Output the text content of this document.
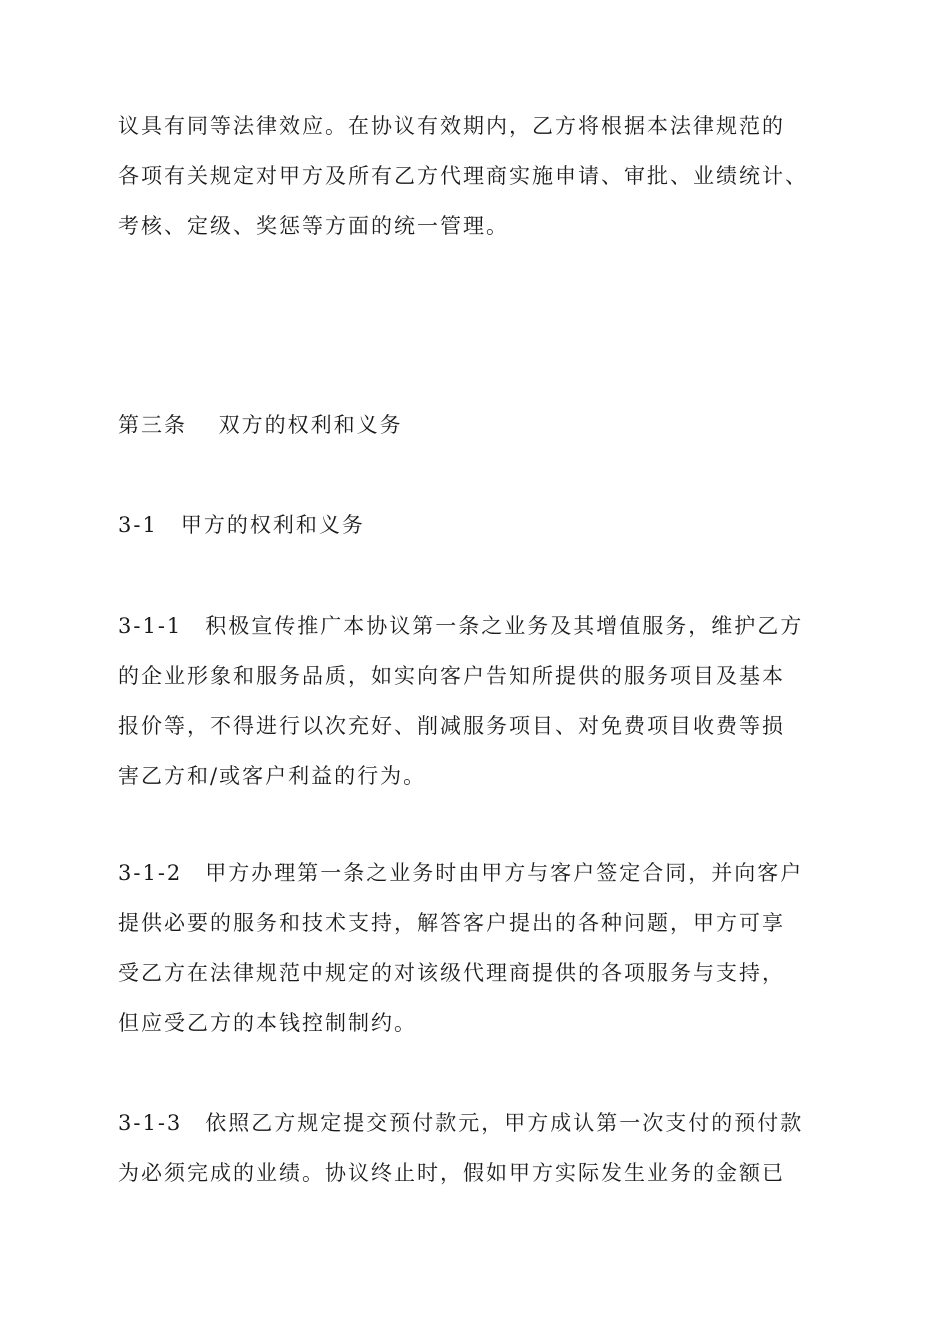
议具有同等法律效应。在协议有效期内，乙方将根据本法律规范的
各项有关规定对甲方及所有乙方代理商实施申请、审批、业绩统计、
考核、定级、奖惩等方面的统一管理。
第三条　 双方的权利和义务
3-1　甲方的权利和义务
3-1-1　积极宣传推广本协议第一条之业务及其增值服务，维护乙方
的企业形象和服务品质，如实向客户告知所提供的服务项目及基本
报价等，不得进行以次充好、削减服务项目、对免费项目收费等损
害乙方和/或客户利益的行为。
3-1-2　甲方办理第一条之业务时由甲方与客户签定合同，并向客户
提供必要的服务和技术支持，解答客户提出的各种问题，甲方可享
受乙方在法律规范中规定的对该级代理商提供的各项服务与支持，
但应受乙方的本钱控制制约。
3-1-3　依照乙方规定提交预付款元，甲方成认第一次支付的预付款
为必须完成的业绩。协议终止时，假如甲方实际发生业务的金额已
